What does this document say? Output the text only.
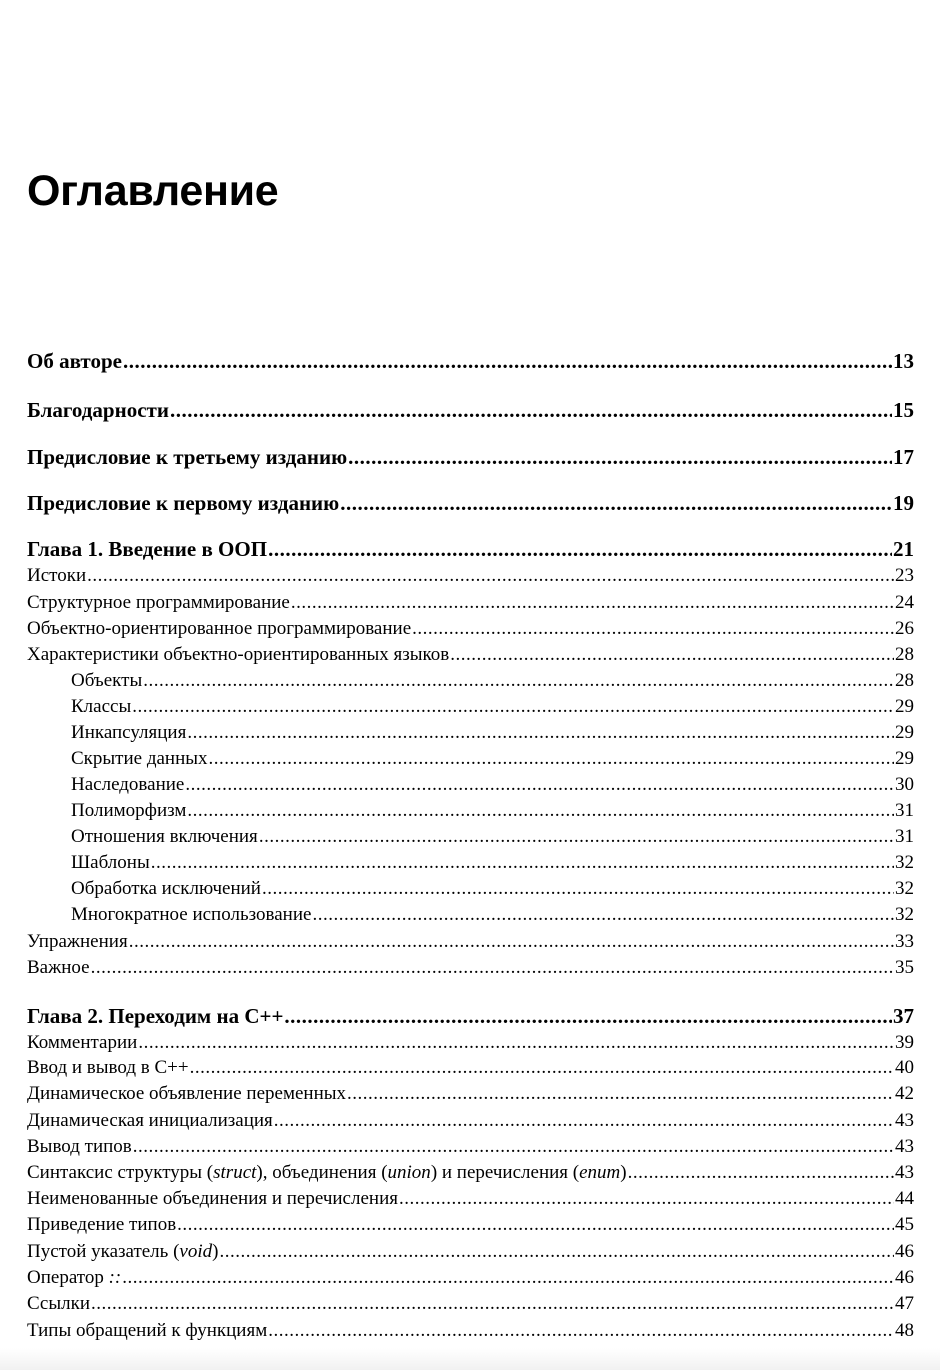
Оглавление
Об авторе .....	13
Благодарности .....	15
Предисловие к третьему изданию .....	17
Предисловие к первому изданию .....	19
Глава 1. Введение в ООП .....	21
Истоки .....	23
Структурное программирование .....	24
Объектно-ориентированное программирование .....	26
Характеристики объектно-ориентированных языков .....	28
Объекты .....	28
Классы .....	29
Инкапсуляция .....	29
Скрытие данных .....	29
Наследование .....	30
Полиморфизм .....	31
Отношения включения .....	31
Шаблоны .....	32
Обработка исключений .....	32
Многократное использование .....	32
Упражнения .....	33
Важное .....	35
Глава 2. Переходим на C++ .....	37
Комментарии .....	39
Ввод и вывод в C++ .....	40
Динамическое объявление переменных .....	42
Динамическая инициализация .....	43
Вывод типов .....	43
Синтаксис структуры (struct), объединения (union) и перечисления (enum) .....	43
Неименованные объединения и перечисления .....	44
Приведение типов .....	45
Пустой указатель (void) .....	46
Оператор :: .....	46
Ссылки .....	47
Типы обращений к функциям .....	48
